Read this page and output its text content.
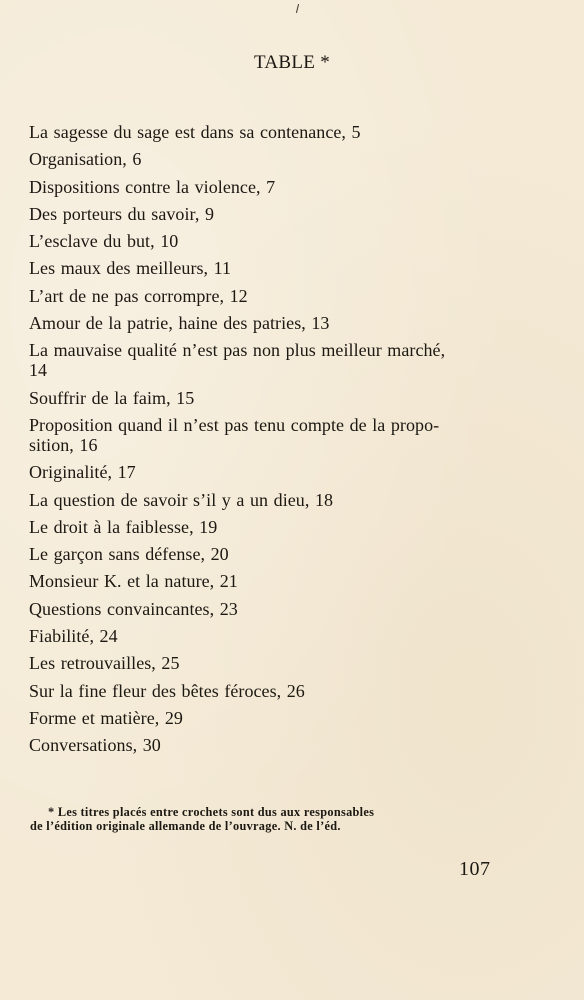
TABLE *
La sagesse du sage est dans sa contenance, 5
Organisation, 6
Dispositions contre la violence, 7
Des porteurs du savoir, 9
L’esclave du but, 10
Les maux des meilleurs, 11
L’art de ne pas corrompre, 12
Amour de la patrie, haine des patries, 13
La mauvaise qualité n’est pas non plus meilleur marché,
14
Souffrir de la faim, 15
Proposition quand il n’est pas tenu compte de la propo-
sition, 16
Originalité, 17
La question de savoir s’il y a un dieu, 18
Le droit à la faiblesse, 19
Le garçon sans défense, 20
Monsieur K. et la nature, 21
Questions convaincantes, 23
Fiabilité, 24
Les retrouvailles, 25
Sur la fine fleur des bêtes féroces, 26
Forme et matière, 29
Conversations, 30
* Les titres placés entre crochets sont dus aux responsables
de l’édition originale allemande de l’ouvrage. N. de l’éd.
107
